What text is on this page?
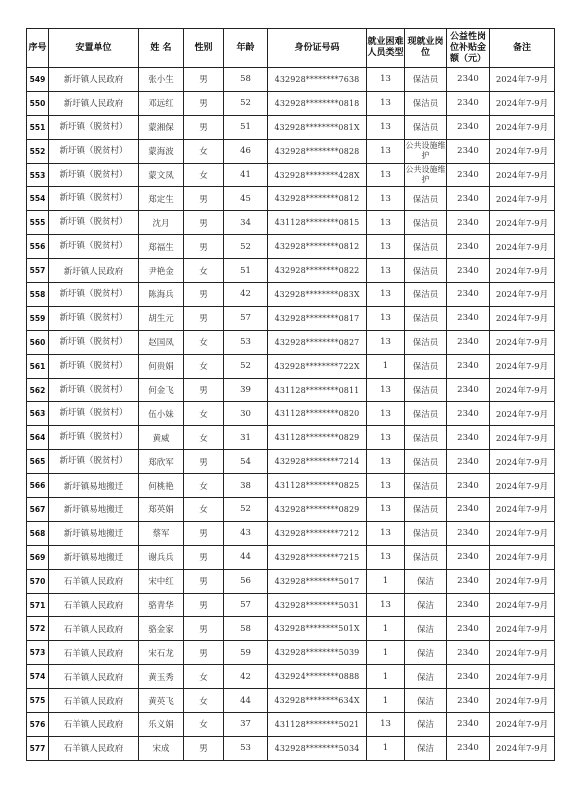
序号	安置单位	姓 名	性别	年龄	身份证号码	就业困难人员类型	现就业岗位	公益性岗位补贴金额（元）	备注
549	新圩镇人民政府	张小生	男	58	432928********7638	13	保洁员	2340	2024年7-9月
550	新圩镇人民政府	邓远红	男	52	432928********0818	13	保洁员	2340	2024年7-9月
551	新圩镇（脱贫村）	蒙湘保	男	51	432928********081X	13	保洁员	2340	2024年7-9月
552	新圩镇（脱贫村）	蒙海波	女	46	432928********0828	13	公共设施维护	2340	2024年7-9月
553	新圩镇（脱贫村）	蒙文凤	女	41	432928********428X	13	公共设施维护	2340	2024年7-9月
554	新圩镇（脱贫村）	郑定生	男	45	432928********0812	13	保洁员	2340	2024年7-9月
555	新圩镇（脱贫村）	沈月	男	34	431128********0815	13	保洁员	2340	2024年7-9月
556	新圩镇（脱贫村）	郑福生	男	52	432928********0812	13	保洁员	2340	2024年7-9月
557	新圩镇人民政府	尹艳金	女	51	432928********0822	13	保洁员	2340	2024年7-9月
558	新圩镇（脱贫村）	陈海兵	男	42	432928********083X	13	保洁员	2340	2024年7-9月
559	新圩镇（脱贫村）	胡生元	男	57	432928********0817	13	保洁员	2340	2024年7-9月
560	新圩镇（脱贫村）	赵国凤	女	53	432928********0827	13	保洁员	2340	2024年7-9月
561	新圩镇（脱贫村）	何贵娟	女	52	432928********722X	1	保洁员	2340	2024年7-9月
562	新圩镇（脱贫村）	何金飞	男	39	431128********0811	13	保洁员	2340	2024年7-9月
563	新圩镇（脱贫村）	伍小妹	女	30	431128********0820	13	保洁员	2340	2024年7-9月
564	新圩镇（脱贫村）	黄威	女	31	431128********0829	13	保洁员	2340	2024年7-9月
565	新圩镇（脱贫村）	郑欣军	男	54	432928********7214	13	保洁员	2340	2024年7-9月
566	新圩镇易地搬迁	何桃艳	女	38	431128********0825	13	保洁员	2340	2024年7-9月
567	新圩镇易地搬迁	郑英娟	女	52	432928********0829	13	保洁员	2340	2024年7-9月
568	新圩镇易地搬迁	蔡军	男	43	432928********7212	13	保洁员	2340	2024年7-9月
569	新圩镇易地搬迁	谢兵兵	男	44	432928********7215	13	保洁员	2340	2024年7-9月
570	石羊镇人民政府	宋中红	男	56	432928********5017	1	保洁	2340	2024年7-9月
571	石羊镇人民政府	骆青华	男	57	432928********5031	13	保洁	2340	2024年7-9月
572	石羊镇人民政府	骆金家	男	58	432928********501X	1	保洁	2340	2024年7-9月
573	石羊镇人民政府	宋石龙	男	59	432928********5039	1	保洁	2340	2024年7-9月
574	石羊镇人民政府	黄玉秀	女	42	432924********0888	1	保洁	2340	2024年7-9月
575	石羊镇人民政府	黄英飞	女	44	432928********634X	1	保洁	2340	2024年7-9月
576	石羊镇人民政府	乐义娟	女	37	431128********5021	13	保洁	2340	2024年7-9月
577	石羊镇人民政府	宋成	男	53	432928********5034	1	保洁	2340	2024年7-9月
